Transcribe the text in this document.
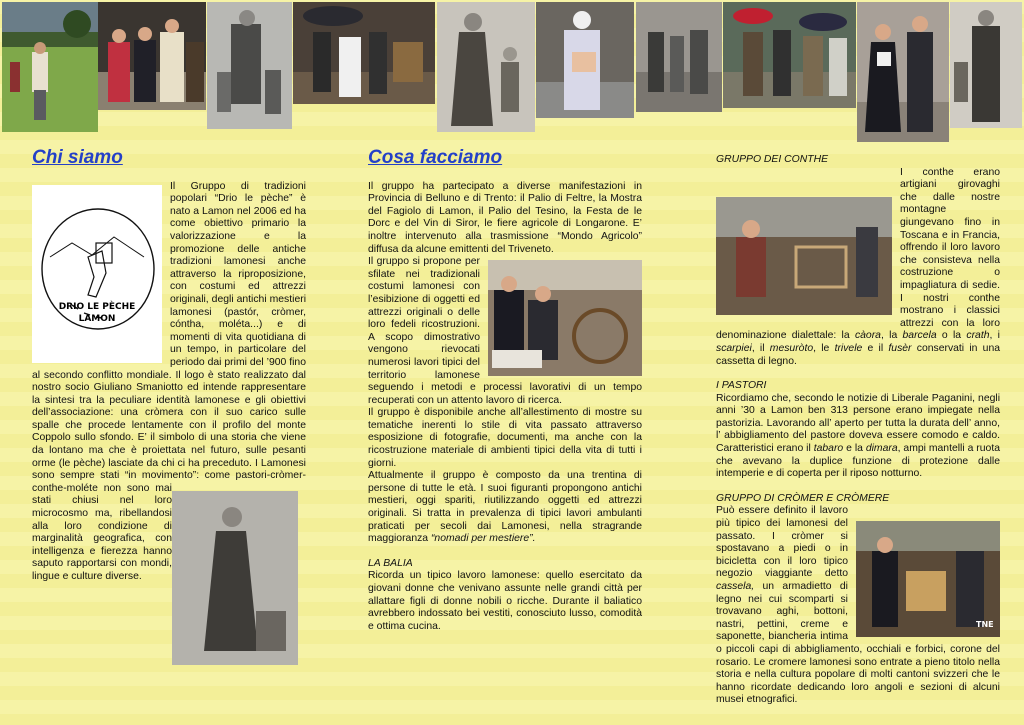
Chi siamo
DRIO LE PÈCHE
LAMON

Il Gruppo di tradizioni popolari “Drio le pèche” è nato a Lamon nel 2006 ed ha come obiettivo primario la valorizzazione e la promozione delle antiche tradizioni lamonesi anche attraverso la riproposizione, con costumi ed attrezzi originali, degli antichi mestieri lamonesi (pastór, cròmer, cóntha, moléta...) e di momenti di vita quotidiana di un tempo, in particolare del periodo dai primi del ’900 fino al secondo conflitto mondiale. Il logo è stato realizzato dal nostro socio Giuliano Smaniotto ed intende rappresentare la sintesi tra la peculiare identità lamonese e gli obiettivi dell’associazione: una cròmera con il suo carico sulle spalle che procede lentamente con il profilo del monte Coppolo sullo sfondo. E’ il simbolo di una storia che viene da lontano ma che è proiettata nel futuro, sulle pesanti orme (le pèche) lasciate da chi ci ha preceduto. I Lamonesi sono sempre stati “in movimento”: come pastori-cròmer-conthe-moléte non sono mai stati chiusi nel loro microcosmo ma, ribellandosi alla loro condizione di marginalità geografica, con intelligenza e fierezza hanno saputo rapportarsi con mondi, lingue e culture diverse.

Cosa facciamo

Il gruppo ha partecipato a diverse manifestazioni in Provincia di Belluno e di Trento: il Palio di Feltre, la Mostra del Fagiolo di Lamon, il Palio del Tesino, la Festa de le Dorc e del Vin di Siror, le fiere agricole di Longarone. E’ inoltre intervenuto alla trasmissione “Mondo Agricolo” diffusa da alcune emittenti del Triveneto.

Il gruppo si propone per sfilate nei tradizionali costumi lamonesi con l’esibizione di oggetti ed attrezzi originali o delle loro fedeli ricostruzioni. A scopo dimostrativo vengono rievocati numerosi lavori tipici del territorio lamonese seguendo i metodi e processi lavorativi di un tempo recuperati con un attento lavoro di ricerca.

Il gruppo è disponibile anche all’allestimento di mostre su tematiche inerenti lo stile di vita passato attraverso esposizione di fotografie, documenti, ma anche con la ricostruzione materiale di ambienti tipici della vita di tutti i giorni.

Attualmente il gruppo è composto da una trentina di persone di tutte le età. I suoi figuranti propongono antichi mestieri, oggi spariti, riutilizzando oggetti ed attrezzi originali. Si tratta in prevalenza di tipici lavori ambulanti praticati per secoli dai Lamonesi, nella stragrande maggioranza “nomadi per mestiere”.

LA BALIA

Ricorda un tipico lavoro lamonese: quello esercitato da giovani donne che venivano assunte nelle grandi città per allattare figli di donne nobili o ricche. Durante il baliatico avrebbero indossato bei vestiti, conosciuto lusso, comodità e ottima cucina.

GRUPPO DEI CONTHE

I conthe erano artigiani girovaghi che dalle nostre montagne giungevano fino in Toscana e in Francia, offrendo il loro lavoro che consisteva nella costruzione o impagliatura di sedie. I nostri conthe mostrano i classici attrezzi con la loro denominazione dialettale: la càora, la barcela o la crath, i scarpiei, il mesuròto, le trivele e il fusèr conservati in una cassetta di legno.

I PASTORI

Ricordiamo che, secondo le notizie di Liberale Paganini, negli anni ’30 a Lamon ben 313 persone erano impiegate nella pastorizia. Lavorando all’ aperto per tutta la durata dell’ anno, l’ abbigliamento del pastore doveva essere comodo e caldo. Caratteristici erano il tabaro e la dimara, ampi mantelli a ruota che avevano la duplice funzione di protezione dalle intemperie e di coperta per il riposo notturno.

GRUPPO DI CRÒMER E CRÒMERE

TNE

Può essere definito il lavoro più tipico dei lamonesi del passato. I cròmer si spostavano a piedi o in bicicletta con il loro tipico negozio viaggiante detto cassela, un armadietto di legno nei cui scomparti si trovavano aghi, bottoni, nastri, pettini, creme e saponette, biancheria intima o piccoli capi di abbigliamento, occhiali e forbici, corone del rosario. Le cromere lamonesi sono entrate a pieno titolo nella storia e nella cultura popolare di molti cantoni svizzeri che le hanno ricordate dedicando loro angoli e sezioni di alcuni musei etnografici.
